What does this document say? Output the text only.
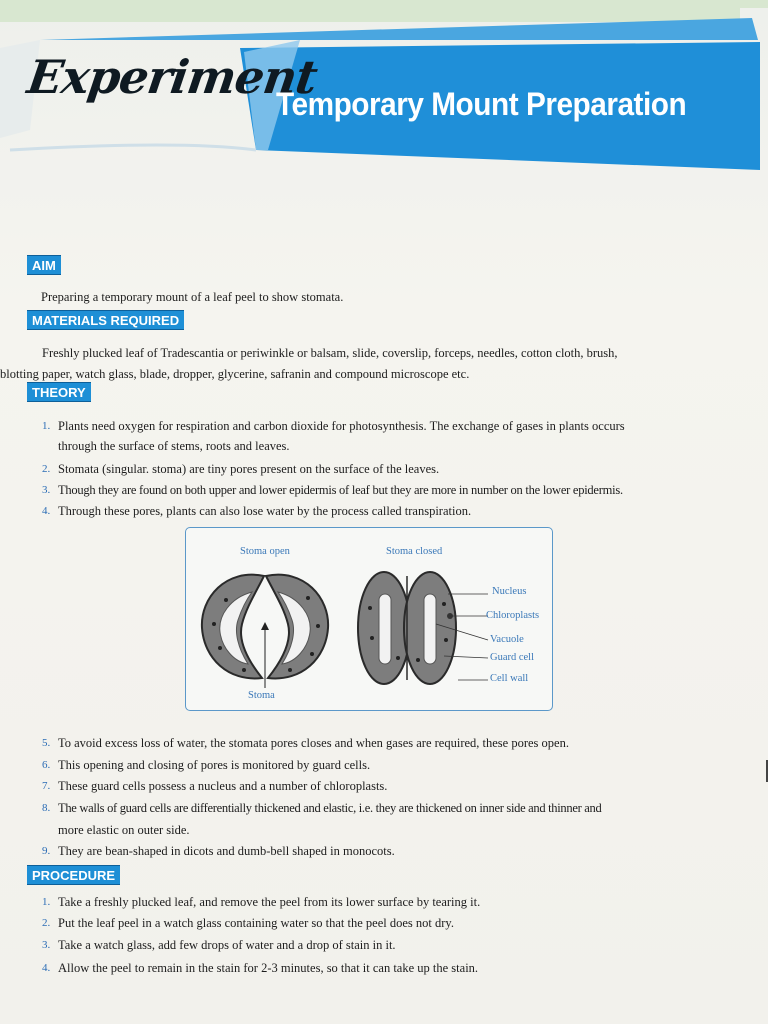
Experiment
Temporary Mount Preparation
AIM
Preparing a temporary mount of a leaf peel to show stomata.
MATERIALS REQUIRED
Freshly plucked leaf of Tradescantia or periwinkle or balsam, slide, coverslip, forceps, needles, cotton cloth, brush,
blotting paper, watch glass, blade, dropper, glycerine, safranin and compound microscope etc.
THEORY
1. Plants need oxygen for respiration and carbon dioxide for photosynthesis. The exchange of gases in plants occurs
through the surface of stems, roots and leaves.
2. Stomata (singular. stoma) are tiny pores present on the surface of the leaves.
3. Though they are found on both upper and lower epidermis of leaf but they are more in number on the lower epidermis.
4. Through these pores, plants can also lose water by the process called transpiration.
Stoma open	Stoma closed
Stoma
Nucleus
Chloroplasts
Vacuole
Guard cell
Cell wall
5. To avoid excess loss of water, the stomata pores closes and when gases are required, these pores open.
6. This opening and closing of pores is monitored by guard cells.
7. These guard cells possess a nucleus and a number of chloroplasts.
8. The walls of guard cells are differentially thickened and elastic, i.e. they are thickened on inner side and thinner and
more elastic on outer side.
9. They are bean-shaped in dicots and dumb-bell shaped in monocots.
PROCEDURE
1. Take a freshly plucked leaf, and remove the peel from its lower surface by tearing it.
2. Put the leaf peel in a watch glass containing water so that the peel does not dry.
3. Take a watch glass, add few drops of water and a drop of stain in it.
4. Allow the peel to remain in the stain for 2-3 minutes, so that it can take up the stain.
